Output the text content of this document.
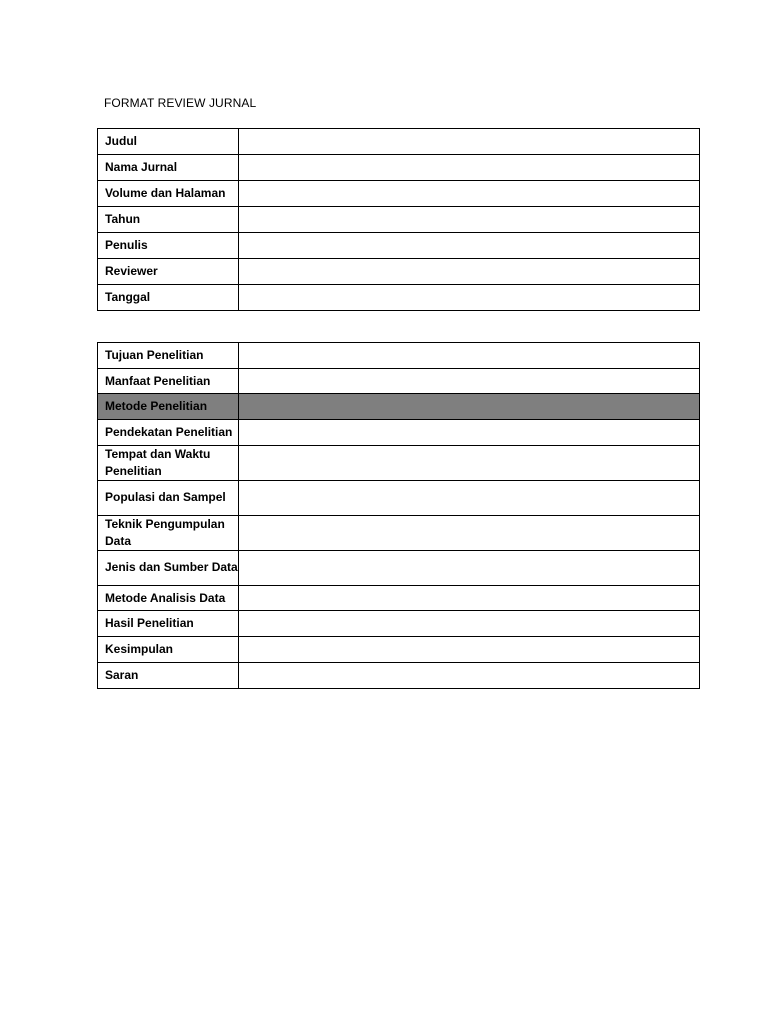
FORMAT REVIEW JURNAL
Judul	
Nama Jurnal	
Volume dan Halaman	
Tahun	
Penulis	
Reviewer	
Tanggal	
Tujuan Penelitian	
Manfaat Penelitian	
Metode Penelitian	
Pendekatan Penelitian	
Tempat dan Waktu Penelitian	
Populasi dan Sampel	
Teknik Pengumpulan Data	
Jenis dan Sumber Data	
Metode Analisis Data	
Hasil Penelitian	
Kesimpulan	
Saran	
